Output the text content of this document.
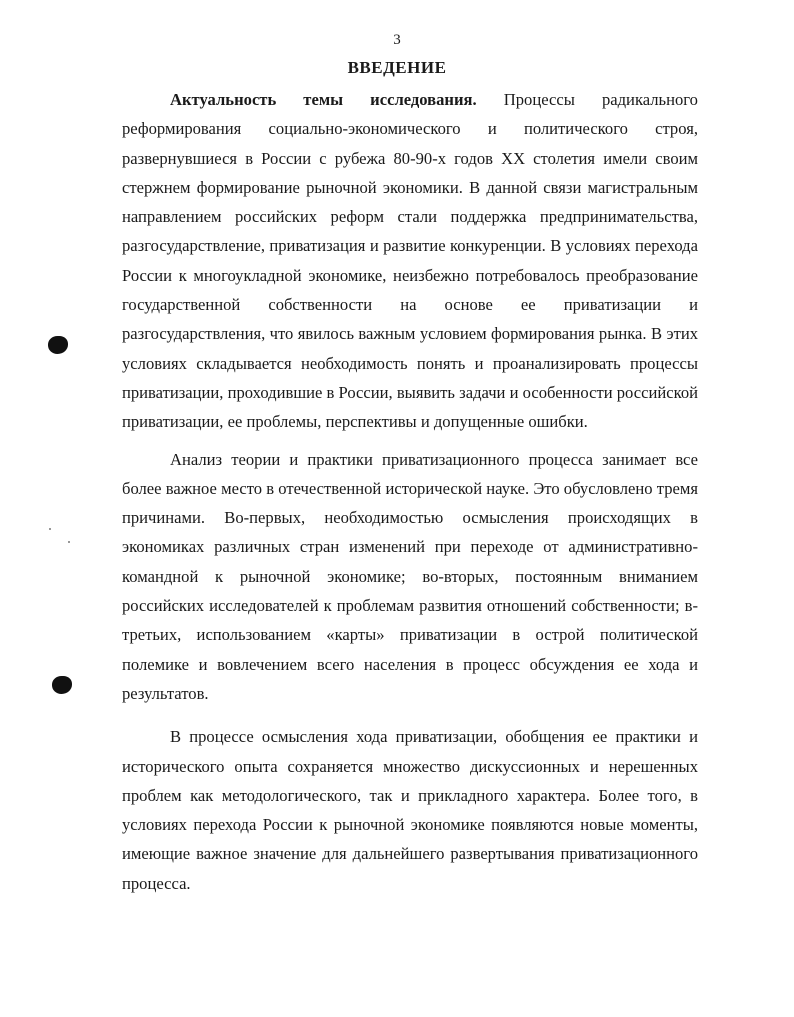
3
ВВЕДЕНИЕ

Актуальность темы исследования. Процессы радикального реформирования социально-экономического и политического строя, развернувшиеся в России с рубежа 80-90-х годов XX столетия имели своим стержнем формирование рыночной экономики. В данной связи магистральным направлением российских реформ стали поддержка предпринимательства, разгосударствление, приватизация и развитие конкуренции. В условиях перехода России к многоукладной экономике, неизбежно потребовалось преобразование государственной собственности на основе ее приватизации и разгосударствления, что явилось важным условием формирования рынка. В этих условиях складывается необходимость понять и проанализировать процессы приватизации, проходившие в России, выявить задачи и особенности российской приватизации, ее проблемы, перспективы и допущенные ошибки.

Анализ теории и практики приватизационного процесса занимает все более важное место в отечественной исторической науке. Это обусловлено тремя причинами. Во-первых, необходимостью осмысления происходящих в экономиках различных стран изменений при переходе от административно-командной к рыночной экономике; во-вторых, постоянным вниманием российских исследователей к проблемам развития отношений собственности; в-третьих, использованием «карты» приватизации в острой политической полемике и вовлечением всего населения в процесс обсуждения ее хода и результатов.

В процессе осмысления хода приватизации, обобщения ее практики и исторического опыта сохраняется множество дискуссионных и нерешенных проблем как методологического, так и прикладного характера. Более того, в условиях перехода России к рыночной экономике появляются новые моменты, имеющие важное значение для дальнейшего развертывания приватизационного процесса.
